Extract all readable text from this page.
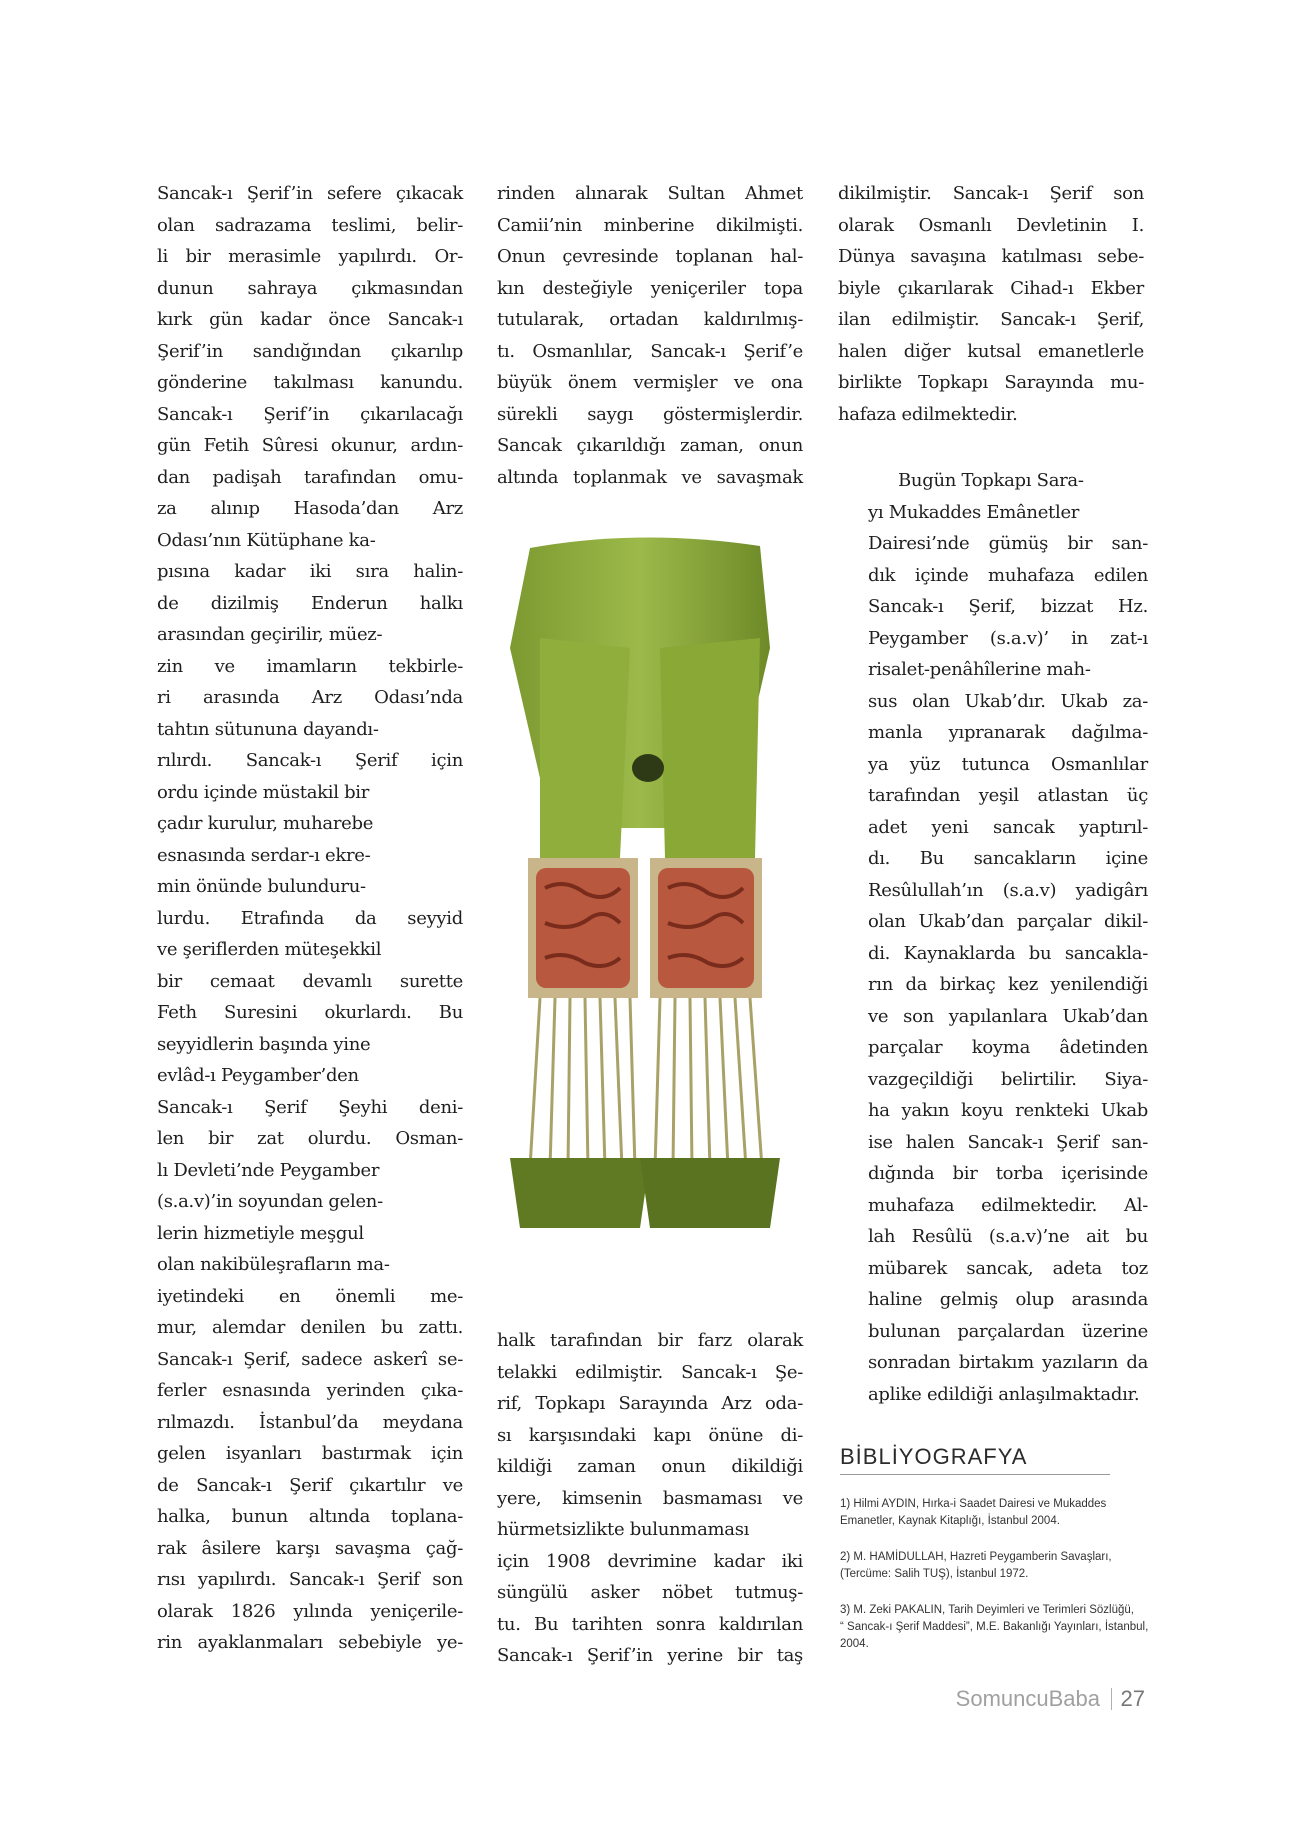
Sancak-ı Şerif’in sefere çıkacak
olan sadrazama teslimi, belir-
li bir merasimle yapılırdı. Or-
dunun sahraya çıkmasından
kırk gün kadar önce Sancak-ı
Şerif’in sandığından çıkarılıp
gönderine takılması kanundu.
Sancak-ı Şerif’in çıkarılacağı
gün Fetih Sûresi okunur, ardın-
dan padişah tarafından omu-
za alınıp Hasoda’dan Arz
Odası’nın Kütüphane ka-
pısına kadar iki sıra halin-
de dizilmiş Enderun halkı
arasından geçirilir, müez-
zin ve imamların tekbirle-
ri arasında Arz Odası’nda
tahtın sütununa dayandı-
rılırdı. Sancak-ı Şerif için
ordu içinde müstakil bir
çadır kurulur, muharebe
esnasında serdar-ı ekre-
min önünde bulunduru-
lurdu. Etrafında da seyyid
ve şeriflerden müteşekkil
bir cemaat devamlı surette
Feth Suresini okurlardı. Bu
seyyidlerin başında yine
evlâd-ı Peygamber’den
Sancak-ı Şerif Şeyhi deni-
len bir zat olurdu. Osman-
lı Devleti’nde Peygamber
(s.a.v)’in soyundan gelen-
lerin hizmetiyle meşgul
olan nakibüleşrafların ma-
iyetindeki en önemli me-
mur, alemdar denilen bu zattı.
Sancak-ı Şerif, sadece askerî se-
ferler esnasında yerinden çıka-
rılmazdı. İstanbul’da meydana
gelen isyanları bastırmak için
de Sancak-ı Şerif çıkartılır ve
halka, bunun altında toplana-
rak âsilere karşı savaşma çağ-
rısı yapılırdı. Sancak-ı Şerif son
olarak 1826 yılında yeniçerile-
rin ayaklanmaları sebebiyle ye-
rinden alınarak Sultan Ahmet
Camii’nin minberine dikilmişti.
Onun çevresinde toplanan hal-
kın desteğiyle yeniçeriler topa
tutularak, ortadan kaldırılmış-
tı. Osmanlılar, Sancak-ı Şerif’e
büyük önem vermişler ve ona
sürekli saygı göstermişlerdir.
Sancak çıkarıldığı zaman, onun
altında toplanmak ve savaşmak
halk tarafından bir farz olarak
telakki edilmiştir. Sancak-ı Şe-
rif, Topkapı Sarayında Arz oda-
sı karşısındaki kapı önüne di-
kildiği zaman onun dikildiği
yere, kimsenin basmaması ve
hürmetsizlikte bulunmaması
için 1908 devrimine kadar iki
süngülü asker nöbet tutmuş-
tu. Bu tarihten sonra kaldırılan
Sancak-ı Şerif’in yerine bir taş
dikilmiştir. Sancak-ı Şerif son
olarak Osmanlı Devletinin I.
Dünya savaşına katılması sebe-
biyle çıkarılarak Cihad-ı Ekber
ilan edilmiştir. Sancak-ı Şerif,
halen diğer kutsal emanetlerle
birlikte Topkapı Sarayında mu-
hafaza edilmektedir.
Bugün Topkapı Sara-
yı Mukaddes Emânetler
Dairesi’nde gümüş bir san-
dık içinde muhafaza edilen
Sancak-ı Şerif, bizzat Hz.
Peygamber (s.a.v)’ in zat-ı
risalet-penâhîlerine mah-
sus olan Ukab’dır. Ukab za-
manla yıpranarak dağılma-
ya yüz tutunca Osmanlılar
tarafından yeşil atlastan üç
adet yeni sancak yaptırıl-
dı. Bu sancakların içine
Resûlullah’ın (s.a.v) yadigârı
olan Ukab’dan parçalar dikil-
di. Kaynaklarda bu sancakla-
rın da birkaç kez yenilendiği
ve son yapılanlara Ukab’dan
parçalar koyma âdetinden
vazgeçildiği belirtilir. Siya-
ha yakın koyu renkteki Ukab
ise halen Sancak-ı Şerif san-
dığında bir torba içerisinde
muhafaza edilmektedir. Al-
lah Resûlü (s.a.v)’ne ait bu
mübarek sancak, adeta toz
haline gelmiş olup arasında
bulunan parçalardan üzerine
sonradan birtakım yazıların da
aplike edildiği anlaşılmaktadır.
BİBLİYOGRAFYA
1) Hilmi AYDIN, Hırka-i Saadet Dairesi ve Mukaddes
Emanetler, Kaynak Kitaplığı, İstanbul 2004.
2) M. HAMİDULLAH, Hazreti Peygamberin Savaşları,
(Tercüme: Salih TUŞ), İstanbul 1972.
3) M. Zeki PAKALIN, Tarih Deyimleri ve Terimleri Sözlüğü,
“ Sancak-ı Şerif Maddesi”, M.E. Bakanlığı Yayınları, İstanbul,
2004.
SomuncuBaba 27
